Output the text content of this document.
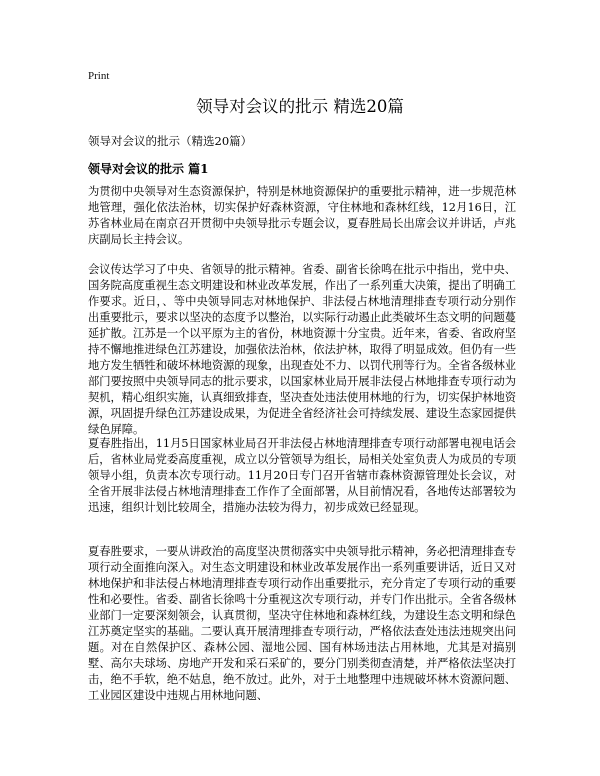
Print
领导对会议的批示 精选20篇

领导对会议的批示（精选20篇）

领导对会议的批示 篇1

为贯彻中央领导对生态资源保护，特别是林地资源保护的重要批示精神，进一步规范林地管理，强化依法治林，切实保护好森林资源，守住林地和森林红线，12月16日，江苏省林业局在南京召开贯彻中央领导批示专题会议，夏春胜局长出席会议并讲话，卢兆庆副局长主持会议。

会议传达学习了中央、省领导的批示精神。省委、副省长徐鸣在批示中指出，党中央、国务院高度重视生态文明建设和林业改革发展，作出了一系列重大决策，提出了明确工作要求。近日，、等中央领导同志对林地保护、非法侵占林地清理排查专项行动分别作出重要批示，要求以坚决的态度予以整治，以实际行动遏止此类破坏生态文明的问题蔓延扩散。江苏是一个以平原为主的省份，林地资源十分宝贵。近年来，省委、省政府坚持不懈地推进绿色江苏建设，加强依法治林，依法护林，取得了明显成效。但仍有一些地方发生牺牲和破坏林地资源的现象，出现查处不力、以罚代刑等行为。全省各级林业部门要按照中央领导同志的批示要求，以国家林业局开展非法侵占林地排查专项行动为契机，精心组织实施，认真细致排查，坚决查处违法使用林地的行为，切实保护林地资源，巩固提升绿色江苏建设成果，为促进全省经济社会可持续发展、建设生态家园提供绿色屏障。

夏春胜指出，11月5日国家林业局召开非法侵占林地清理排查专项行动部署电视电话会后，省林业局党委高度重视，成立以分管领导为组长，局相关处室负责人为成员的专项领导小组，负责本次专项行动。11月20日专门召开省辖市森林资源管理处长会议，对全省开展非法侵占林地清理排查工作作了全面部署，从目前情况看，各地传达部署较为迅速，组织计划比较周全，措施办法较为得力，初步成效已经显现。

夏春胜要求，一要从讲政治的高度坚决贯彻落实中央领导批示精神，务必把清理排查专项行动全面推向深入。对生态文明建设和林业改革发展作出一系列重要讲话，近日又对林地保护和非法侵占林地清理排查专项行动作出重要批示，充分肯定了专项行动的重要性和必要性。省委、副省长徐鸣十分重视这次专项行动，并专门作出批示。全省各级林业部门一定要深刻领会，认真贯彻，坚决守住林地和森林红线，为建设生态文明和绿色江苏奠定坚实的基础。二要认真开展清理排查专项行动，严格依法查处违法违规突出问题。对在自然保护区、森林公园、湿地公园、国有林场违法占用林地，尤其是对搞别墅、高尔夫球场、房地产开发和采石采矿的，要分门别类彻查清楚，并严格依法坚决打击，绝不手软，绝不姑息，绝不放过。此外，对于土地整理中违规破坏林木资源问题、工业园区建设中违规占用林地问题、
